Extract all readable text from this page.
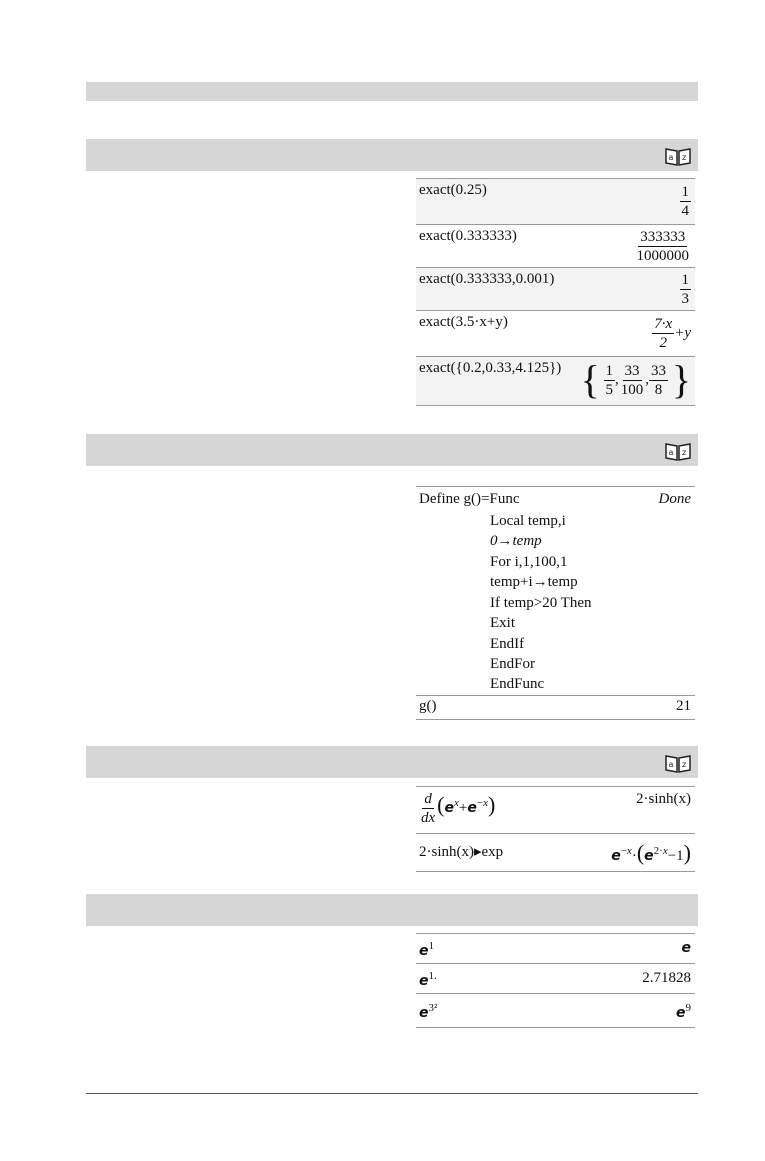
a z
exact(0.25)	$\frac{1}{4}$
exact(0.333333)	$\frac{333333}{1000000}$
exact(0.333333,0.001)	$\frac{1}{3}$
exact(3.5·x+y)	$\frac{7\cdot x}{2} +y$
exact({0.2,0.33,4.125}) { $\frac{1}{5}$ , $\frac{33}{100}$ , $\frac{33}{8}$ }
a z
Define g()=Func	Done
Local temp,i
0→temp
For i,1,100,1
temp+i→temp
If temp>20 Then
Exit
EndIf
EndFor
EndFunc
g()	21
a z
$\frac{d}{dx} (e^x+e^{-x})$	2·sinh(x)
2·sinh(x)▸exp	$e^{-x}\cdot(e^{2\cdot x}-1)$
$e^1$	e
$e^{1.}$	2.71828
$e^{3^2}$	$e^9$
